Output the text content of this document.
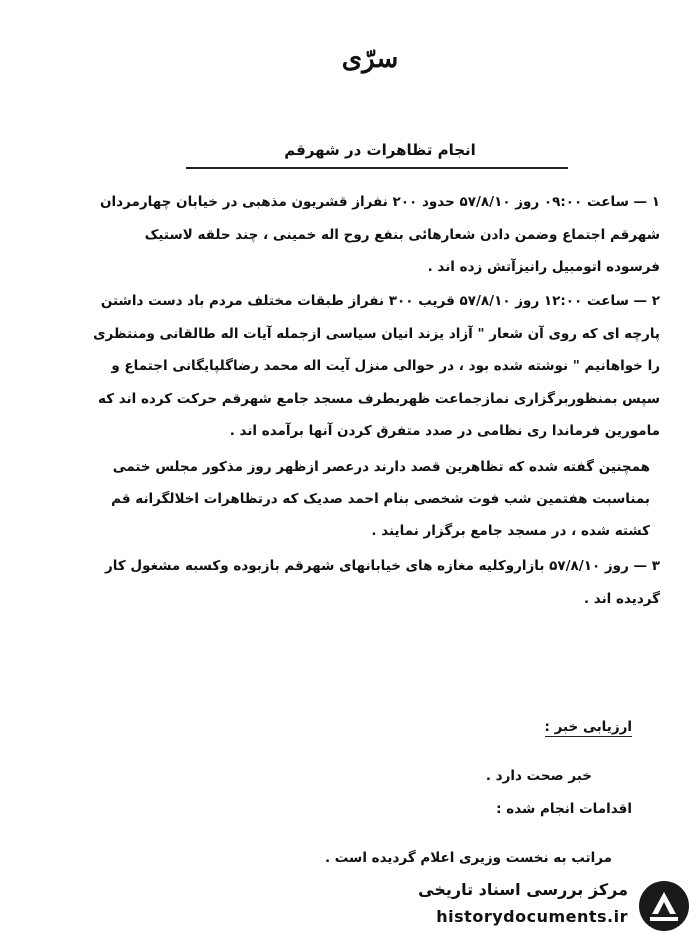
سرّی
انجام تظاهرات در شهرقم
۱ — ساعت ۰۹:۰۰ روز ۵۷/۸/۱۰ حدود ۲۰۰ نفراز قشریون مذهبی در خیابان چهارمردان
شهرقم اجتماع وضمن دادن شعارهائی بنفع روح اله خمینی ، چند حلقه لاستیک
فرسوده اتومبیل رانیزآتش زده اند .
۲ — ساعت ۱۲:۰۰ روز ۵۷/۸/۱۰ قریب ۳۰۰ نفراز طبقات مختلف مردم باد دست داشتن
پارچه ای که روی آن شعار " آزاد یزند انیان سیاسی ازجمله آیات اله طالقانی ومنتظری
را خواهانیم " نوشته شده بود ، در حوالی منزل آیت اله محمد رضاگلپایگانی اجتماع و
سپس بمنظوربرگزاری نمازجماعت ظهربطرف مسجد جامع شهرقم حرکت کرده اند که
مامورین فرماندا ری نظامی در صدد متفرق کردن آنها برآمده اند .
همچنین گفته شده که تظاهرین قصد دارند درعصر ازظهر روز مذکور مجلس ختمی
بمناسبت هفتمین شب فوت شخصی بنام احمد صدیک که درتظاهرات اخلالگرانه قم
کشته شده ، در مسجد جامع برگزار نمایند .
۳ — روز ۵۷/۸/۱۰ بازاروکلیه مغازه های خیابانهای شهرقم بازبوده وکسبه مشغول کار
گردیده اند .
ارزیابی خبر :
خبر صحت دارد .
اقدامات انجام شده :
مراتب به نخست وزیری اعلام گردیده است .
مرکز بررسی اسناد تاریخی
historydocuments.ir
